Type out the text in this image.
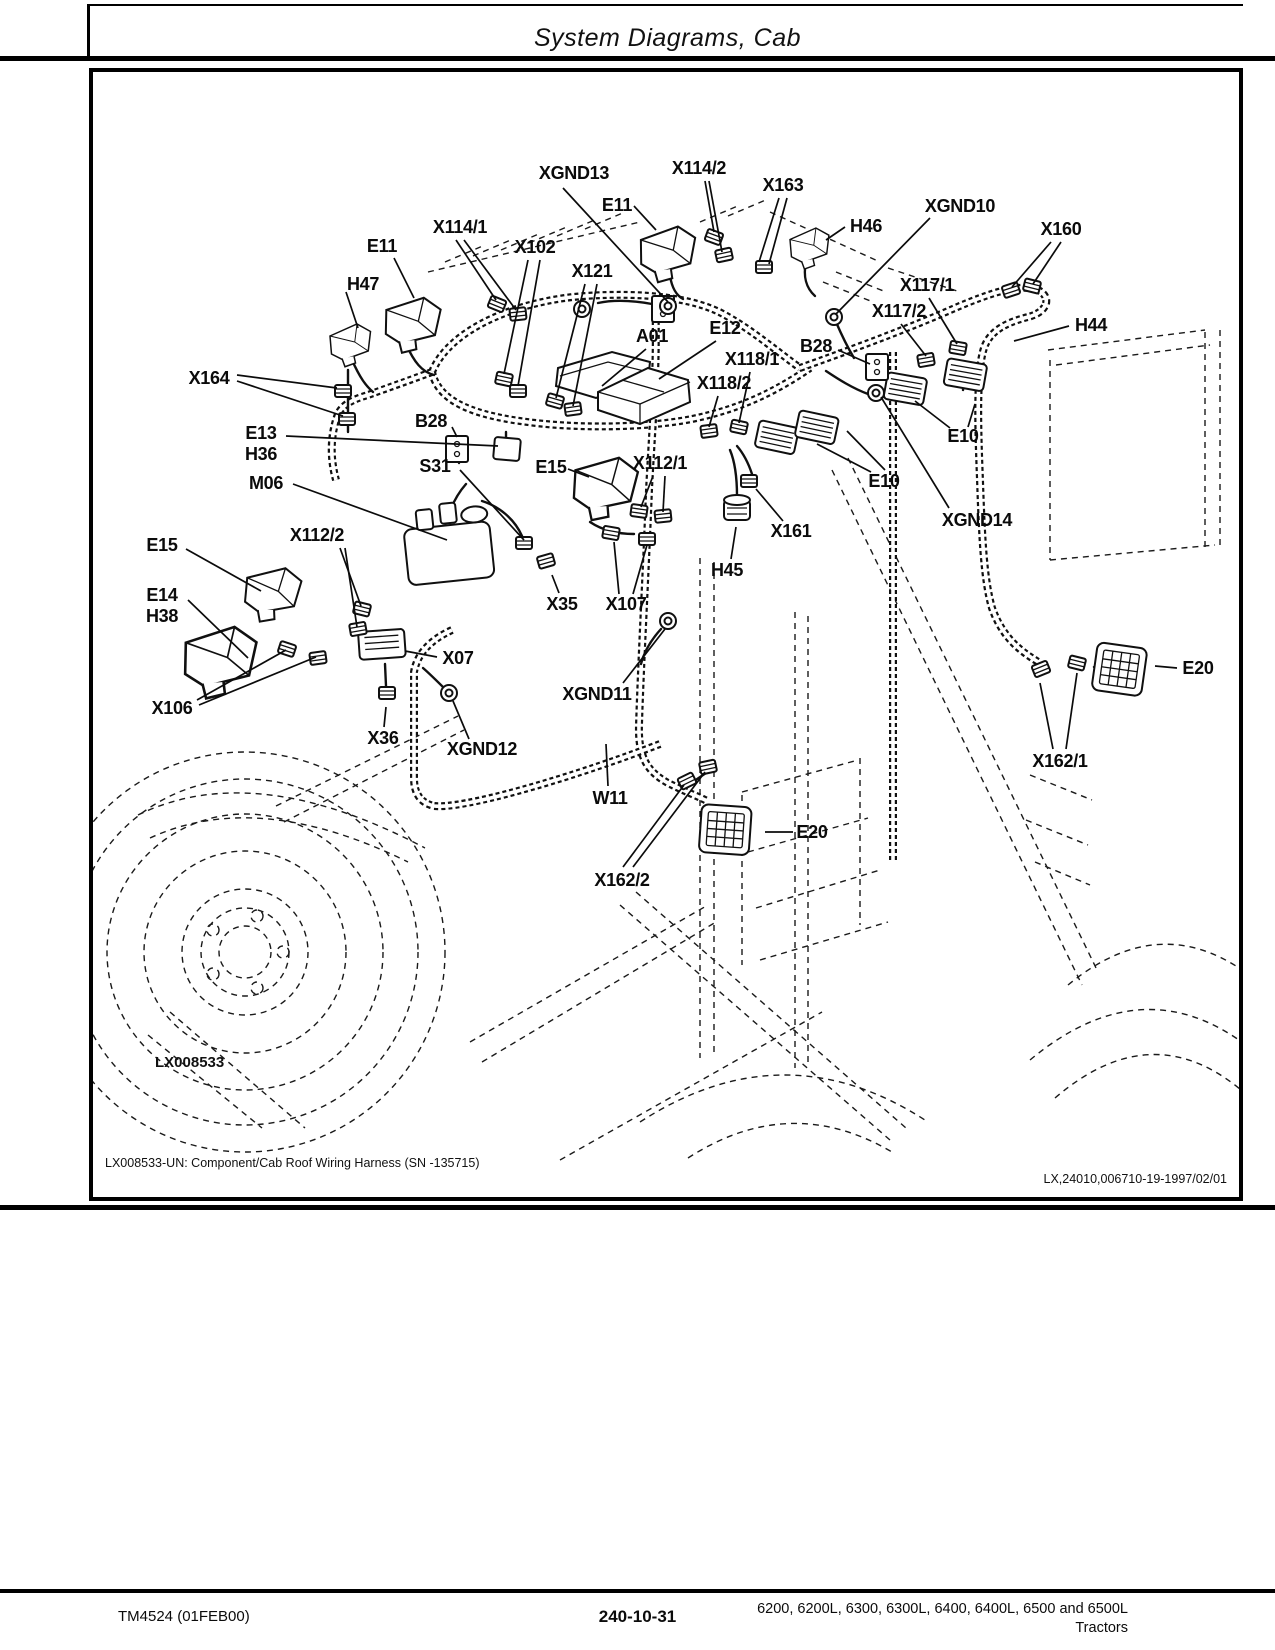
System Diagrams, Cab
XGND13	X114/2
X163
E11
H46
XGND10
X160
X114/1
E11	X102
X121
H47	X117/1
X117/2
H44
A01 E12
B28
X118/1
X118/2
X164
B28
E13
H36
S31	E15	X112/1
M06
E10
E10
X112/2
XGND14
X161
E15
H45
E14
H38
X35 X107
X07
XGND11
E20
X106
X36
XGND12
X162/1
W11
E20
X162/2
LX008533
LX008533-UN: Component/Cab Roof Wiring Harness (SN -135715)
LX,24010,006710-19-1997/02/01
TM4524 (01FEB00)	240-10-31	6200, 6200L, 6300, 6300L, 6400, 6400L, 6500 and 6500L
Tractors
